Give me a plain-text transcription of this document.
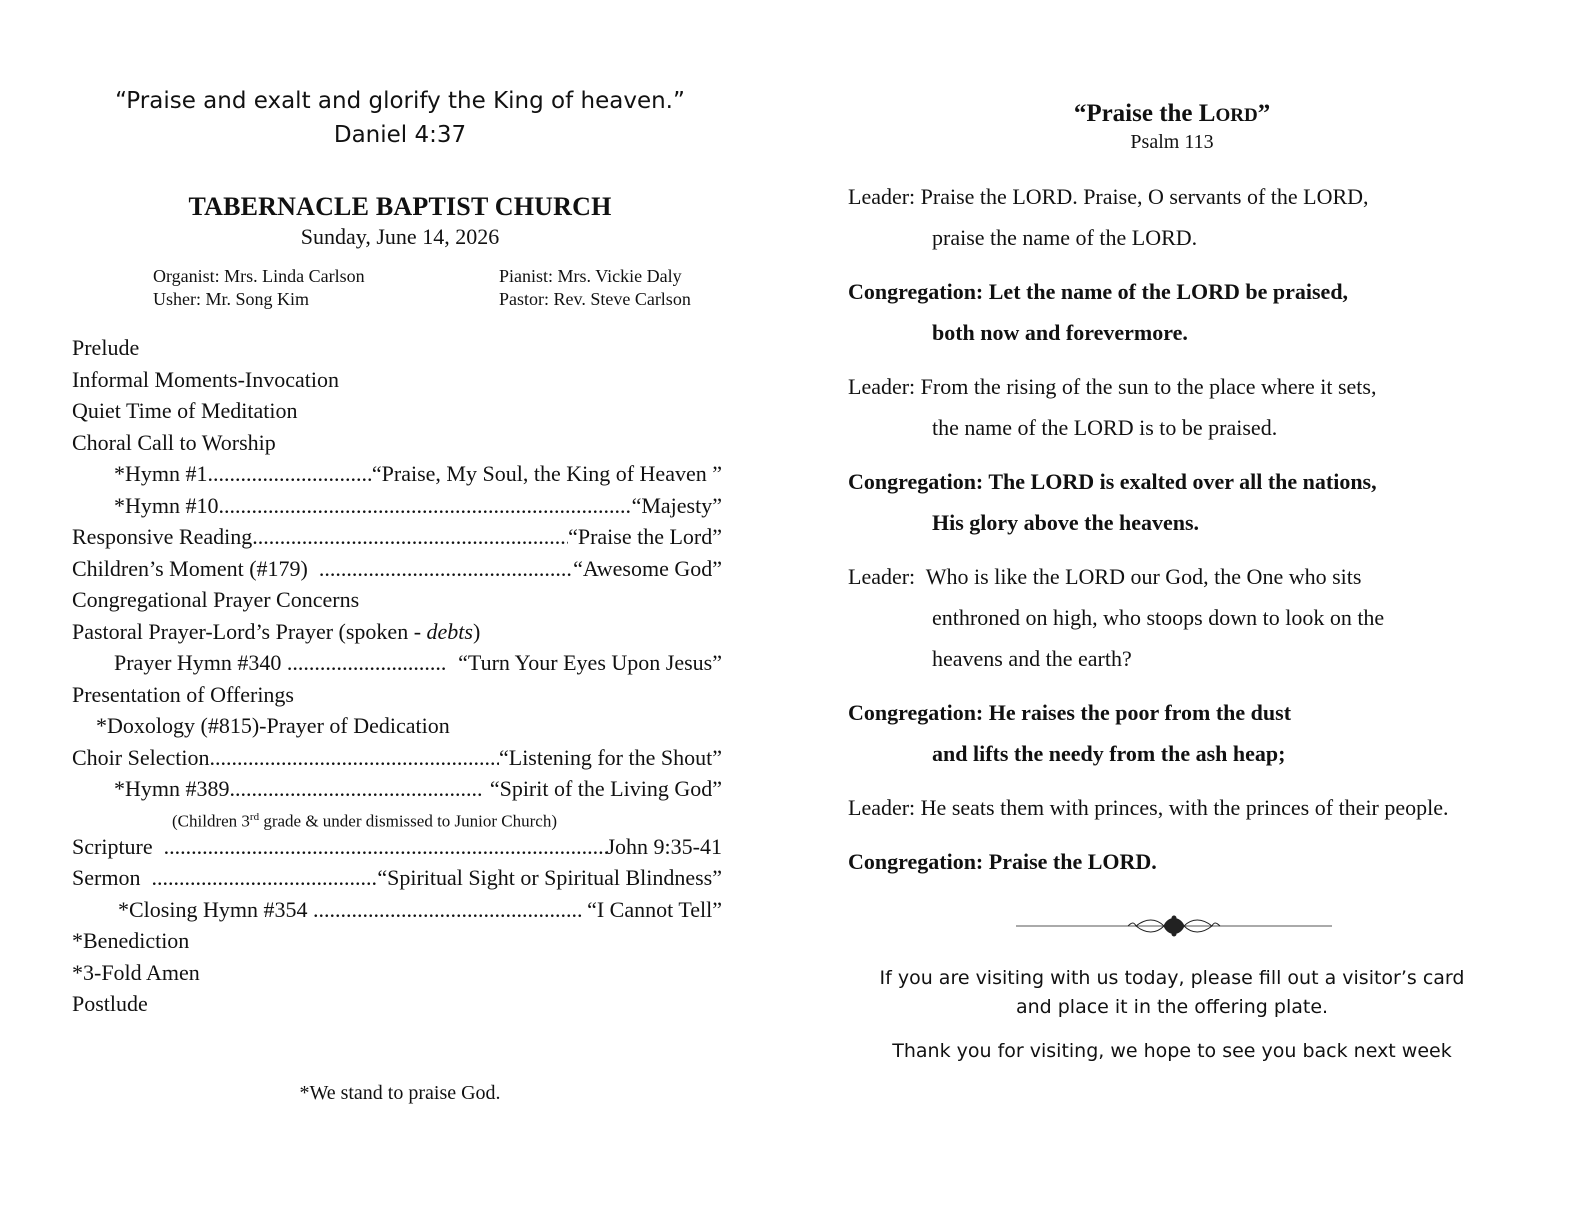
“Praise and exalt and glorify the King of heaven.”
Daniel 4:37
TABERNACLE BAPTIST CHURCH
Sunday, June 14, 2026
Organist: Mrs. Linda Carlson
Usher: Mr. Song Kim
Pianist: Mrs. Vickie Daly
Pastor: Rev. Steve Carlson
Prelude
Informal Moments-Invocation
Quiet Time of Meditation
Choral Call to Worship
*Hymn #1 .....	“Praise, My Soul, the King of Heaven ”
*Hymn #10 .....	“Majesty”
Responsive Reading .....	“Praise the Lord”
Children’s Moment (#179) .....	“Awesome God”
Congregational Prayer Concerns
Pastoral Prayer-Lord’s Prayer (spoken - debts)
Prayer Hymn #340 .....	“Turn Your Eyes Upon Jesus”
Presentation of Offerings
*Doxology (#815)-Prayer of Dedication
Choir Selection .....	“Listening for the Shout”
*Hymn #389 .....	“Spirit of the Living God”
(Children 3rd grade & under dismissed to Junior Church)
Scripture .....	John 9:35-41
Sermon .....	“Spiritual Sight or Spiritual Blindness”
*Closing Hymn #354 .....	“I Cannot Tell”
*Benediction
*3-Fold Amen
Postlude
*We stand to praise God.
“Praise the LORD”
Psalm 113
Leader: Praise the LORD. Praise, O servants of the LORD,
praise the name of the LORD.
Congregation: Let the name of the LORD be praised,
both now and forevermore.
Leader: From the rising of the sun to the place where it sets,
the name of the LORD is to be praised.
Congregation: The LORD is exalted over all the nations,
His glory above the heavens.
Leader:  Who is like the LORD our God, the One who sits
enthroned on high, who stoops down to look on the
heavens and the earth?
Congregation: He raises the poor from the dust
and lifts the needy from the ash heap;
Leader: He seats them with princes, with the princes of their people.
Congregation: Praise the LORD.
If you are visiting with us today, please fill out a visitor’s card
and place it in the offering plate.
Thank you for visiting, we hope to see you back next week
